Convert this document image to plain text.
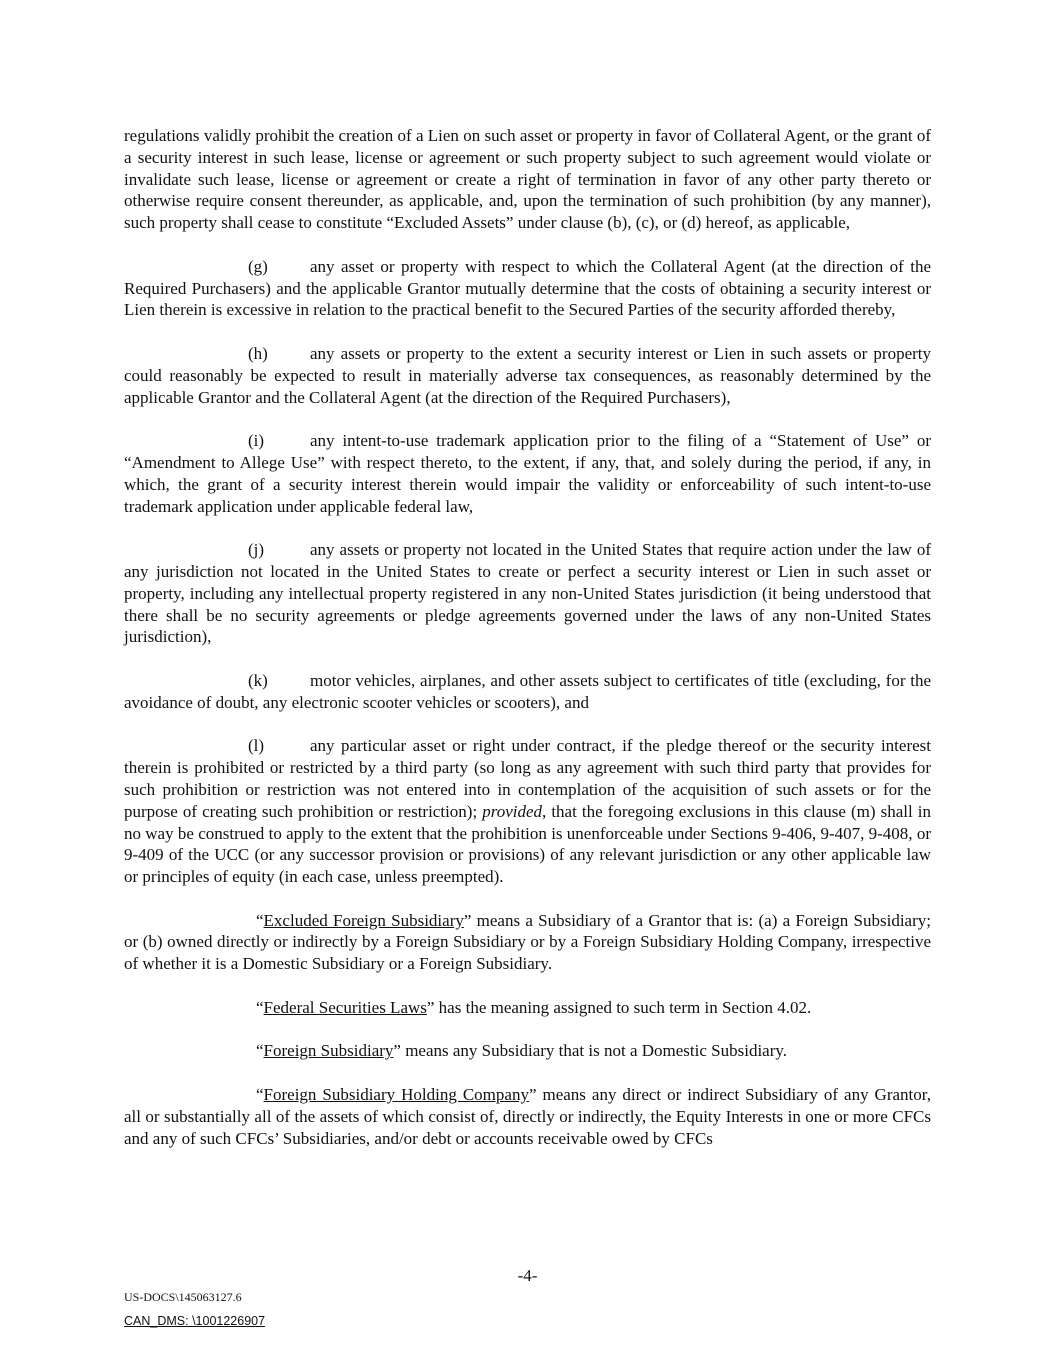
regulations validly prohibit the creation of a Lien on such asset or property in favor of Collateral Agent, or the grant of a security interest in such lease, license or agreement or such property subject to such agreement would violate or invalidate such lease, license or agreement or create a right of termination in favor of any other party thereto or otherwise require consent thereunder, as applicable, and, upon the termination of such prohibition (by any manner), such property shall cease to constitute “Excluded Assets” under clause (b), (c), or (d) hereof, as applicable,

(g) any asset or property with respect to which the Collateral Agent (at the direction of the Required Purchasers) and the applicable Grantor mutually determine that the costs of obtaining a security interest or Lien therein is excessive in relation to the practical benefit to the Secured Parties of the security afforded thereby,

(h) any assets or property to the extent a security interest or Lien in such assets or property could reasonably be expected to result in materially adverse tax consequences, as reasonably determined by the applicable Grantor and the Collateral Agent (at the direction of the Required Purchasers),

(i)	any intent-to-use trademark application prior to the filing of a “Statement of Use” or “Amendment to Allege Use” with respect thereto, to the extent, if any, that, and solely during the period, if any, in which, the grant of a security interest therein would impair the validity or enforceability of such intent-to-use trademark application under applicable federal law,

(j)	any assets or property not located in the United States that require action under the law of any jurisdiction not located in the United States to create or perfect a security interest or Lien in such asset or property, including any intellectual property registered in any non-United States jurisdiction (it being understood that there shall be no security agreements or pledge agreements governed under the laws of any non-United States jurisdiction),

(k) motor vehicles, airplanes, and other assets subject to certificates of title (excluding, for the avoidance of doubt, any electronic scooter vehicles or scooters), and

(l)	any particular asset or right under contract, if the pledge thereof or the security interest therein is prohibited or restricted by a third party (so long as any agreement with such third party that provides for such prohibition or restriction was not entered into in contemplation of the acquisition of such assets or for the purpose of creating such prohibition or restriction); provided, that the foregoing exclusions in this clause (m) shall in no way be construed to apply to the extent that the prohibition is unenforceable under Sections 9-406, 9-407, 9-408, or 9-409 of the UCC (or any successor provision or provisions) of any relevant jurisdiction or any other applicable law or principles of equity (in each case, unless preempted).

“Excluded Foreign Subsidiary” means a Subsidiary of a Grantor that is: (a) a Foreign Subsidiary; or (b) owned directly or indirectly by a Foreign Subsidiary or by a Foreign Subsidiary Holding Company, irrespective of whether it is a Domestic Subsidiary or a Foreign Subsidiary.

“Federal Securities Laws” has the meaning assigned to such term in Section 4.02.

“Foreign Subsidiary” means any Subsidiary that is not a Domestic Subsidiary.

“Foreign Subsidiary Holding Company” means any direct or indirect Subsidiary of any Grantor, all or substantially all of the assets of which consist of, directly or indirectly, the Equity Interests in one or more CFCs and any of such CFCs’ Subsidiaries, and/or debt or accounts receivable owed by CFCs

-4-
US-DOCS\145063127.6
CAN_DMS: \1001226907
